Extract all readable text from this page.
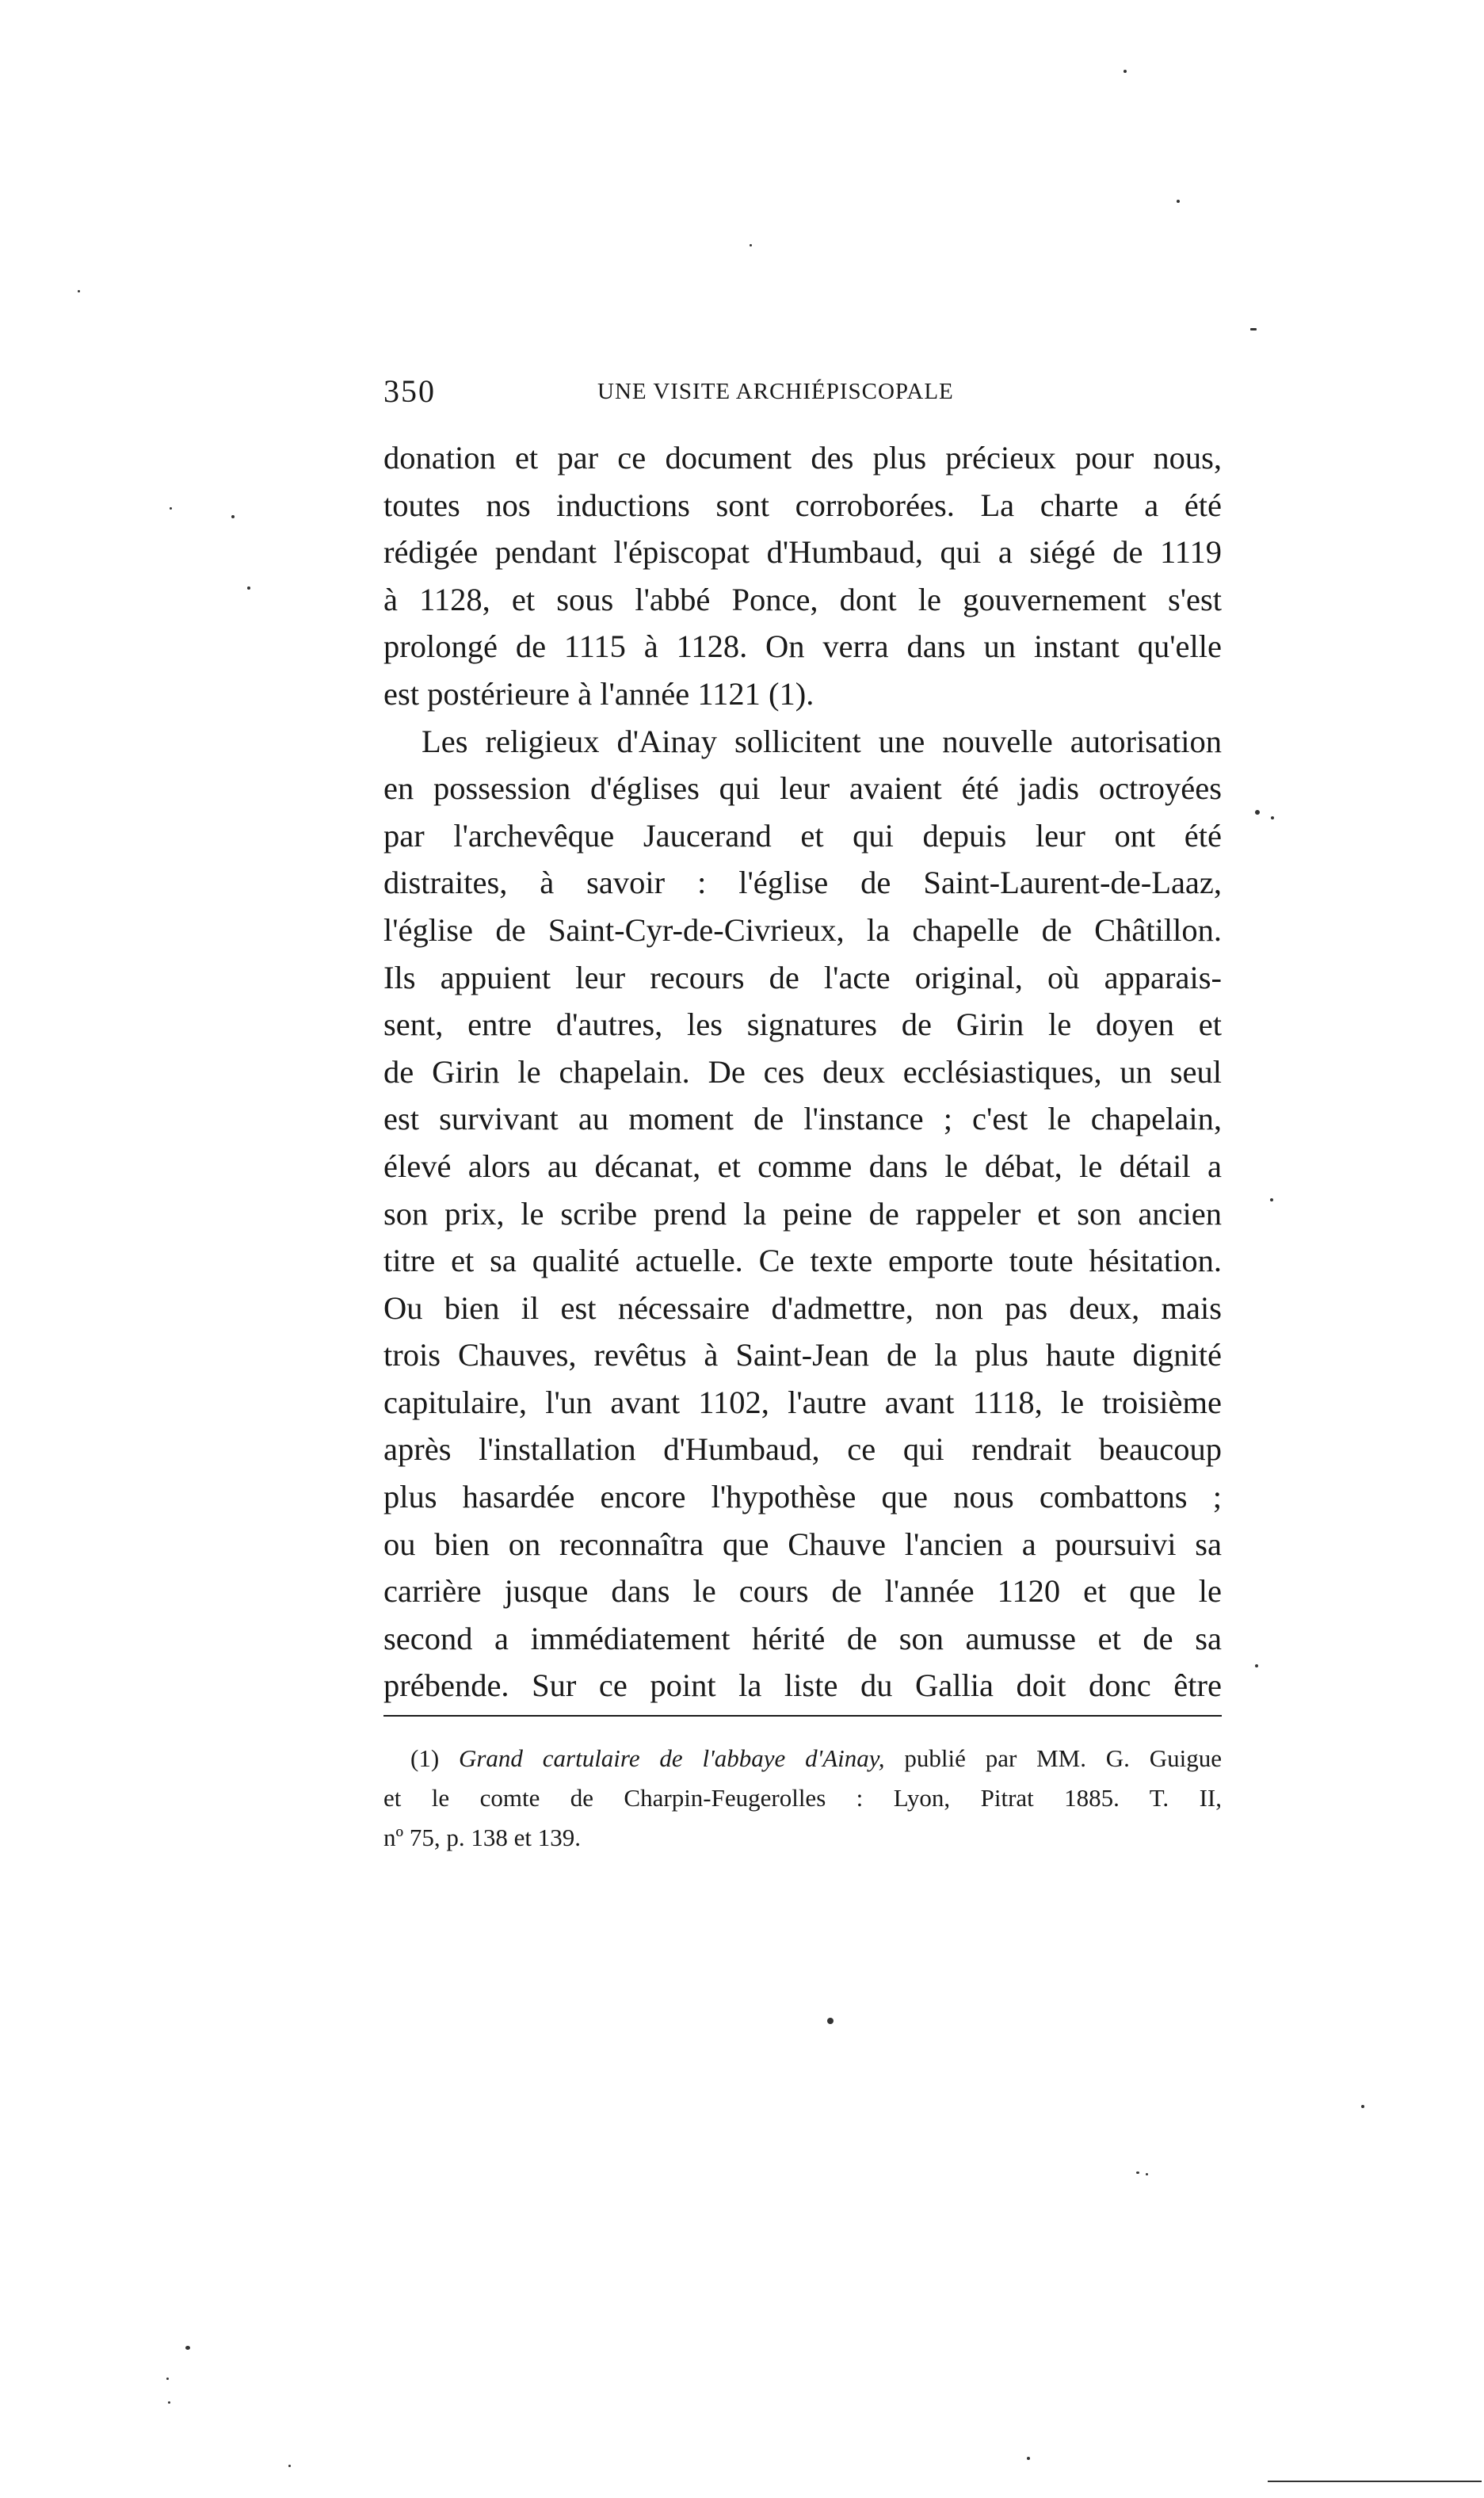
350	UNE VISITE ARCHIÉPISCOPALE
donation et par ce document des plus précieux pour nous,
toutes nos inductions sont corroborées. La charte a été
rédigée pendant l'épiscopat d'Humbaud, qui a siégé de 1119
à 1128, et sous l'abbé Ponce, dont le gouvernement s'est
prolongé de 1115 à 1128. On verra dans un instant qu'elle
est postérieure à l'année 1121 (1).
Les religieux d'Ainay sollicitent une nouvelle autorisation
en possession d'églises qui leur avaient été jadis octroyées
par l'archevêque Jaucerand et qui depuis leur ont été
distraites, à savoir : l'église de Saint-Laurent-de-Laaz,
l'église de Saint-Cyr-de-Civrieux, la chapelle de Châtillon.
Ils appuient leur recours de l'acte original, où apparais-
sent, entre d'autres, les signatures de Girin le doyen et
de Girin le chapelain. De ces deux ecclésiastiques, un seul
est survivant au moment de l'instance ; c'est le chapelain,
élevé alors au décanat, et comme dans le débat, le détail a
son prix, le scribe prend la peine de rappeler et son ancien
titre et sa qualité actuelle. Ce texte emporte toute hésitation.
Ou bien il est nécessaire d'admettre, non pas deux, mais
trois Chauves, revêtus à Saint-Jean de la plus haute dignité
capitulaire, l'un avant 1102, l'autre avant 1118, le troisième
après l'installation d'Humbaud, ce qui rendrait beaucoup
plus hasardée encore l'hypothèse que nous combattons ;
ou bien on reconnaîtra que Chauve l'ancien a poursuivi sa
carrière jusque dans le cours de l'année 1120 et que le
second a immédiatement hérité de son aumusse et de sa
prébende. Sur ce point la liste du Gallia doit donc être
(1) Grand cartulaire de l'abbaye d'Ainay, publié par MM. G. Guigue
et le comte de Charpin-Feugerolles : Lyon, Pitrat 1885. T. II,
nº 75, p. 138 et 139.
